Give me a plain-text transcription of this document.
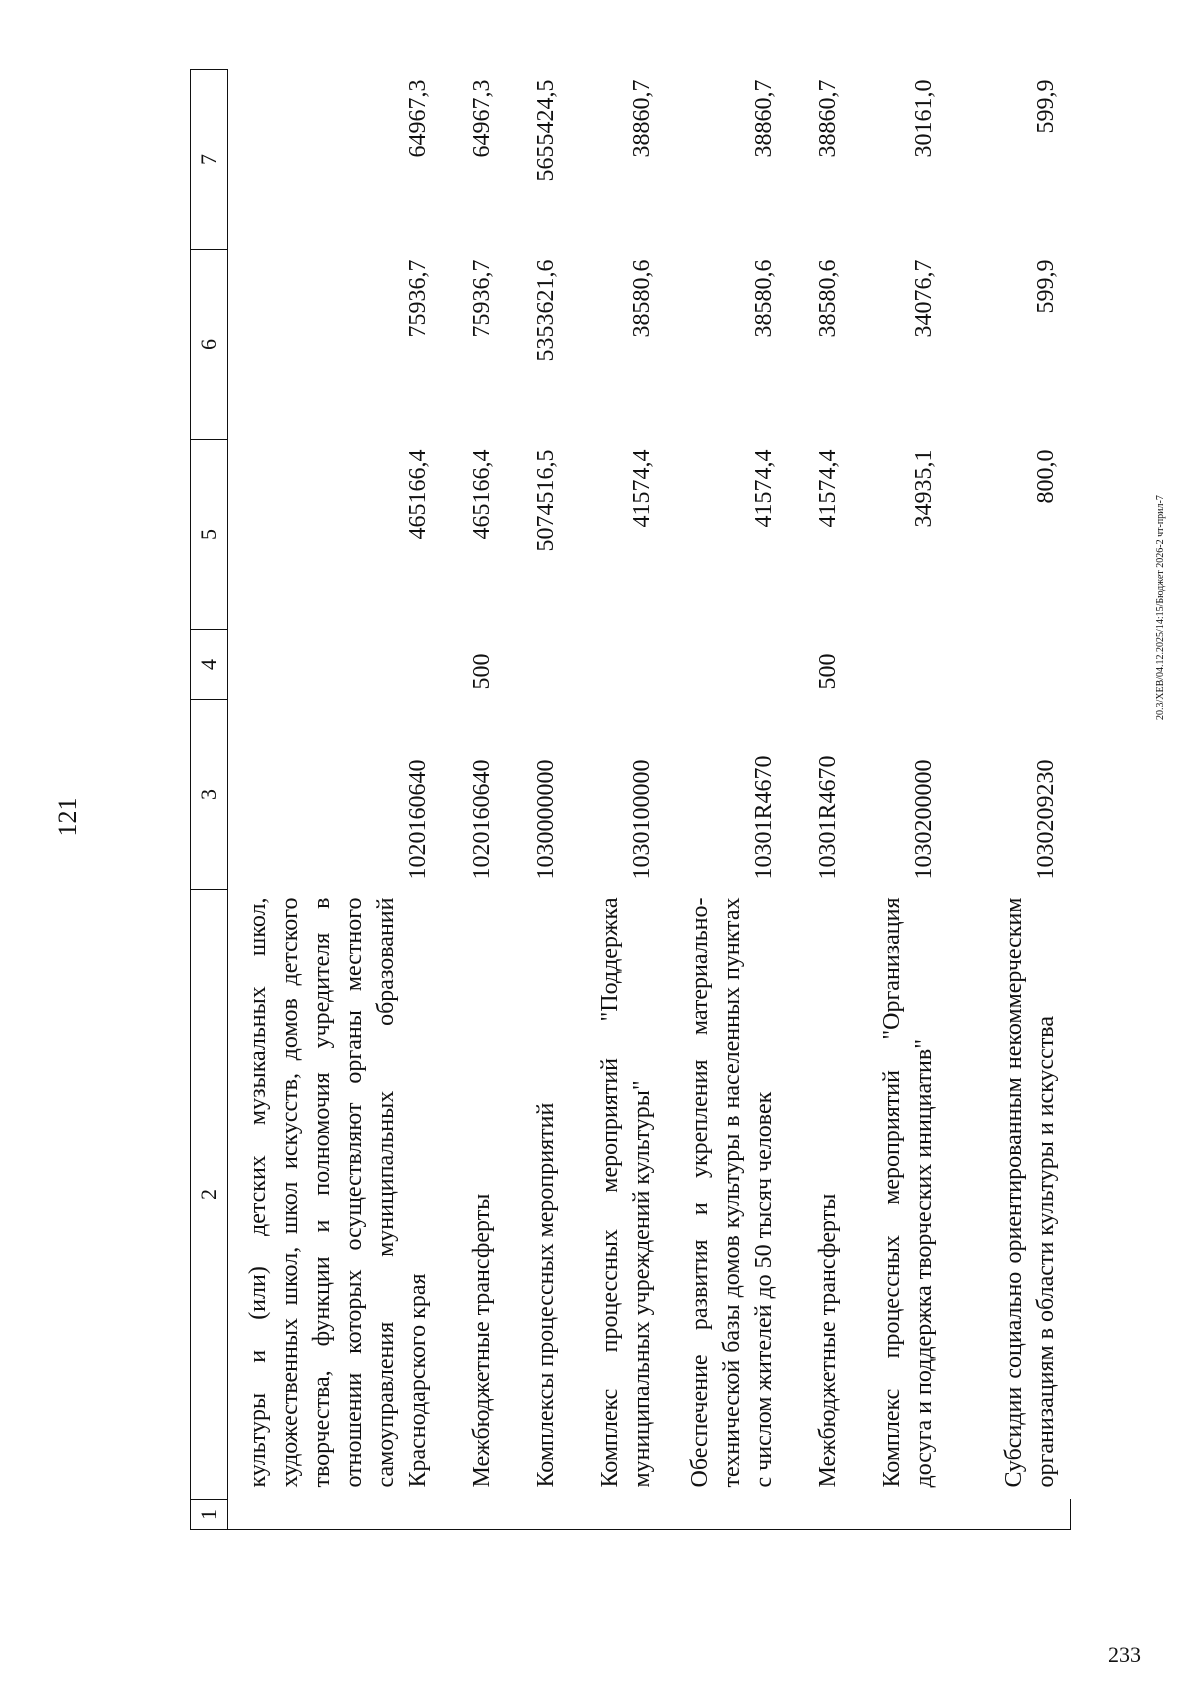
121
233
20.3/ХЕВ/04.12.2025/14:15/Бюджет 2026-2 чт-прил-7
1	2	3	4	5	6	7
	культуры и (или) детских музыкальных школ, художественных школ, школ искусств, домов детского творчества, функции и полномочия учредителя в отношении которых осуществляют органы местного самоуправления муниципальных образований Краснодарского края	1020160640		465166,4	75936,7	64967,3
	Межбюджетные трансферты	1020160640	500	465166,4	75936,7	64967,3
	Комплексы процессных мероприятий	1030000000		5074516,5	5353621,6	5655424,5
	Комплекс процессных мероприятий "Поддержка муниципальных учреждений культуры"	1030100000		41574,4	38580,6	38860,7
	Обеспечение развития и укрепления материально-технической базы домов культуры в населенных пунктах с числом жителей до 50 тысяч человек	10301R4670		41574,4	38580,6	38860,7
	Межбюджетные трансферты	10301R4670	500	41574,4	38580,6	38860,7
	Комплекс процессных мероприятий "Организация досуга и поддержка творческих инициатив"	1030200000		34935,1	34076,7	30161,0
	Субсидии социально ориентированным некоммерческим организациям в области культуры и искусства	1030209230		800,0	599,9	599,9
